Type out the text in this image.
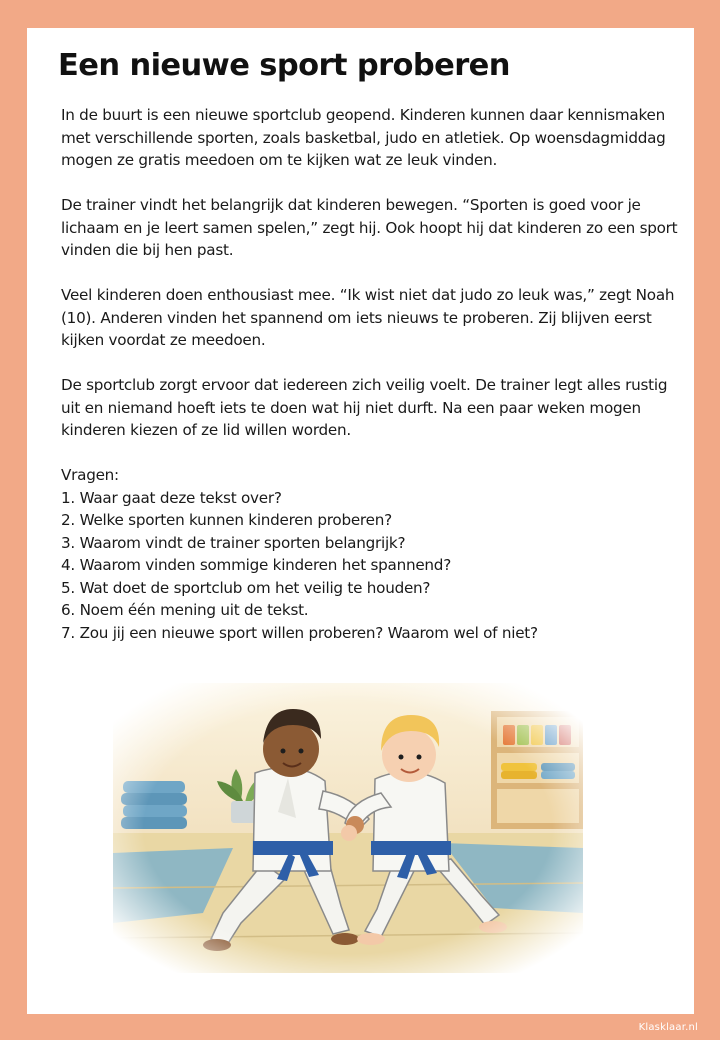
Een nieuwe sport proberen

In de buurt is een nieuwe sportclub geopend. Kinderen kunnen daar kennismaken met verschillende sporten, zoals basketbal, judo en atletiek. Op woensdagmiddag mogen ze gratis meedoen om te kijken wat ze leuk vinden.

De trainer vindt het belangrijk dat kinderen bewegen. “Sporten is goed voor je lichaam en je leert samen spelen,” zegt hij. Ook hoopt hij dat kinderen zo een sport vinden die bij hen past.

Veel kinderen doen enthousiast mee. “Ik wist niet dat judo zo leuk was,” zegt Noah (10). Anderen vinden het spannend om iets nieuws te proberen. Zij blijven eerst kijken voordat ze meedoen.

De sportclub zorgt ervoor dat iedereen zich veilig voelt. De trainer legt alles rustig uit en niemand hoeft iets te doen wat hij niet durft. Na een paar weken mogen kinderen kiezen of ze lid willen worden.

Vragen:
1. Waar gaat deze tekst over?
2. Welke sporten kunnen kinderen proberen?
3. Waarom vindt de trainer sporten belangrijk?
4. Waarom vinden sommige kinderen het spannend?
5. Wat doet de sportclub om het veilig te houden?
6. Noem één mening uit de tekst.
7. Zou jij een nieuwe sport willen proberen? Waarom wel of niet?
Klasklaar.nl
